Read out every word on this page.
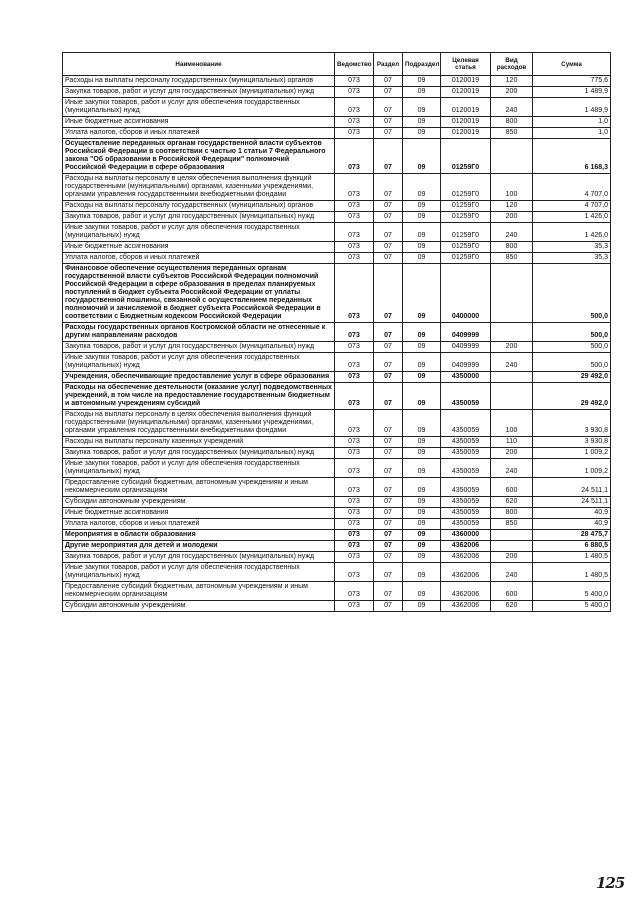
Наименование	Ведомство	Раздел	Подраздел	Целевая статья	Вид расходов	Сумма
Расходы на выплаты персоналу государственных (муниципальных) органов	073	07	09	0120019	120	775,6
Закупка товаров, работ и услуг для государственных (муниципальных) нужд	073	07	09	0120019	200	1 489,9
Иные закупки товаров, работ и услуг для обеспечения государственных (муниципальных) нужд	073	07	09	0120019	240	1 489,9
Иные бюджетные ассигнования	073	07	09	0120019	800	1,0
Уплата налогов, сборов и иных платежей	073	07	09	0120019	850	1,0
Осуществление переданных органам государственной власти субъектов Российской Федерации в соответствии с частью 1 статьи 7 Федерального закона "Об образовании в Российской Федерации" полномочий Российской Федерации в сфере образования	073	07	09	01259Г0		6 168,3
Расходы на выплаты персоналу в целях обеспечения выполнения функций государственными (муниципальными) органами, казенными учреждениями, органами управления государственными внебюджетными фондами	073	07	09	01259Г0	100	4 707,0
Расходы на выплаты персоналу государственных (муниципальных) органов	073	07	09	01259Г0	120	4 707,0
Закупка товаров, работ и услуг для государственных (муниципальных) нужд	073	07	09	01259Г0	200	1 426,0
Иные закупки товаров, работ и услуг для обеспечения государственных (муниципальных) нужд	073	07	09	01259Г0	240	1 426,0
Иные бюджетные ассигнования	073	07	09	01259Г0	800	35,3
Уплата налогов, сборов и иных платежей	073	07	09	01259Г0	850	35,3
Финансовое обеспечение осуществления переданных органам государственной власти субъектов Российской Федерации полномочий Российской Федерации в сфере образования в пределах планируемых поступлений в бюджет субъекта Российской Федерации от уплаты государственной пошлины, связанной с осуществлением переданных полномочий и зачисляемой в бюджет субъекта Российской Федерации в соответствии с Бюджетным кодексом Российской Федерации	073	07	09	0400000		500,0
Расходы государственных органов Костромской области не отнесенные к другим направлениям расходов	073	07	09	0409999		500,0
Закупка товаров, работ и услуг для государственных (муниципальных) нужд	073	07	09	0409999	200	500,0
Иные закупки товаров, работ и услуг для обеспечения государственных (муниципальных) нужд	073	07	09	0409999	240	500,0
Учреждения, обеспечивающие предоставление услуг в сфере образования	073	07	09	4350000		29 492,0
Расходы на обеспечение деятельности (оказание услуг) подведомственных учреждений, в том числе на предоставление государственным бюджетным и автономным учреждениям субсидий	073	07	09	4350059		29 492,0
Расходы на выплаты персоналу в целях обеспечения выполнения функций государственными (муниципальными) органами, казенными учреждениями, органами управления государственными внебюджетными фондами	073	07	09	4350059	100	3 930,8
Расходы на выплаты персоналу казенных учреждений	073	07	09	4350059	110	3 930,8
Закупка товаров, работ и услуг для государственных (муниципальных) нужд	073	07	09	4350059	200	1 009,2
Иные закупки товаров, работ и услуг для обеспечения государственных (муниципальных) нужд	073	07	09	4350059	240	1 009,2
Предоставление субсидий бюджетным, автономным учреждениям и иным некоммерческим организациям	073	07	09	4350059	600	24 511,1
Субсидии автономным учреждениям	073	07	09	4350059	620	24 511,1
Иные бюджетные ассигнования	073	07	09	4350059	800	40,9
Уплата налогов, сборов и иных платежей	073	07	09	4350059	850	40,9
Мероприятия в области образования	073	07	09	4360000		28 475,7
Другие мероприятия для детей и молодежи	073	07	09	4362006		6 880,5
Закупка товаров, работ и услуг для государственных (муниципальных) нужд	073	07	09	4362006	200	1 480,5
Иные закупки товаров, работ и услуг для обеспечения государственных (муниципальных) нужд	073	07	09	4362006	240	1 480,5
Предоставление субсидий бюджетным, автономным учреждениям и иным некоммерческим организациям	073	07	09	4362006	600	5 400,0
Субсидии автономным учреждениям	073	07	09	4362006	620	5 400,0
125
